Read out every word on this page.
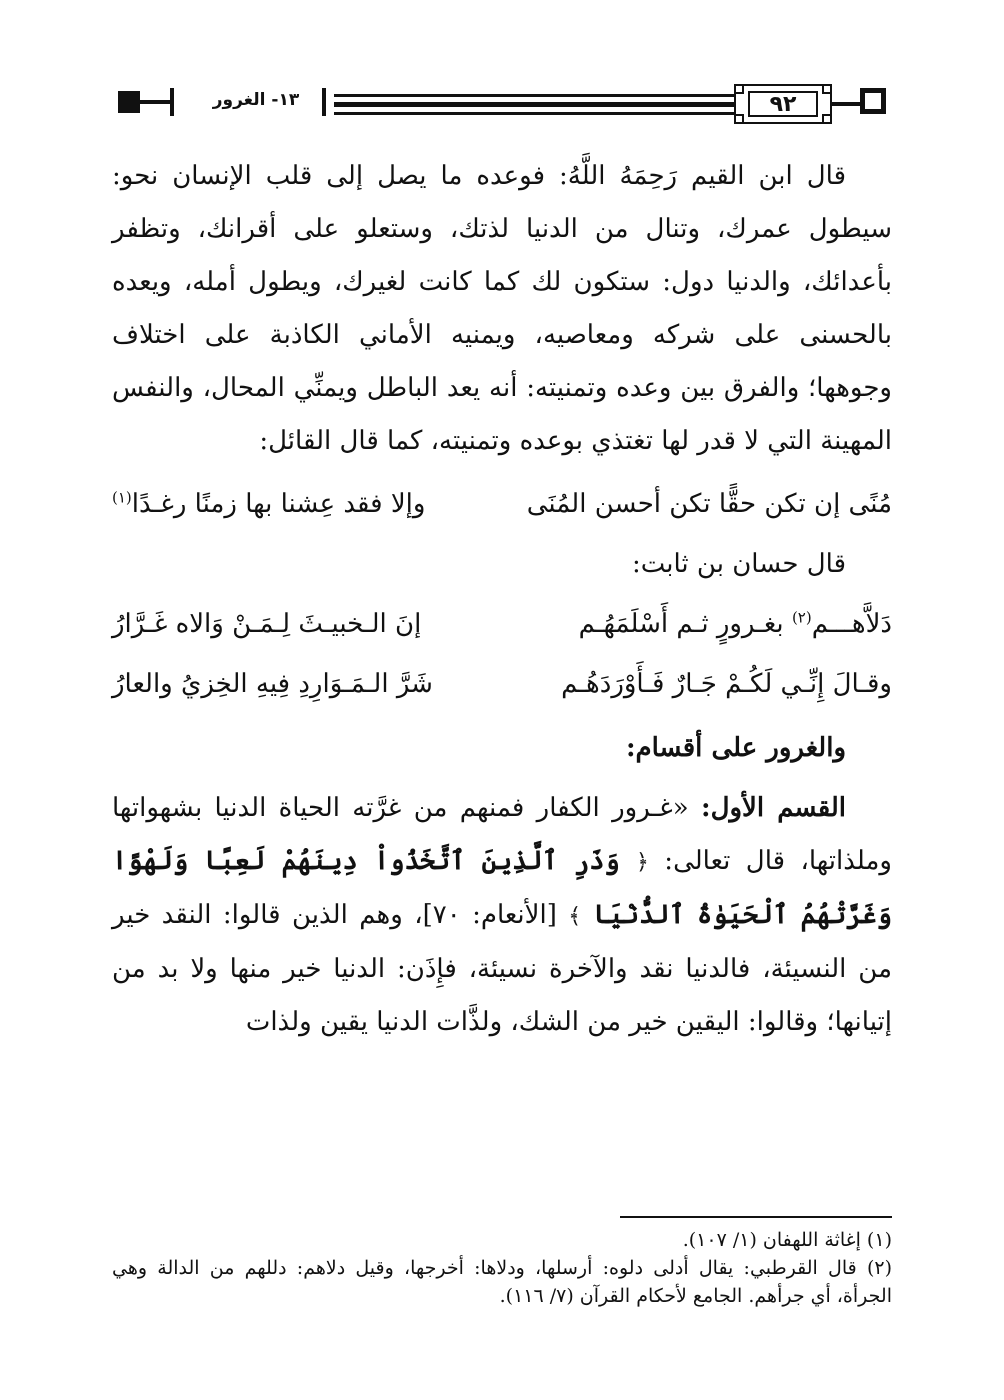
١٣- الغرور	٩٢

قال ابن القيم رَحِمَهُ اللَّهُ: فوعده ما يصل إلى قلب الإنسان نحو: سيطول عمرك، وتنال من الدنيا لذتك، وستعلو على أقرانك، وتظفر بأعدائك، والدنيا دول: ستكون لك كما كانت لغيرك، ويطول أمله، ويعده بالحسنى على شركه ومعاصيه، ويمنيه الأماني الكاذبة على اختلاف وجوهها؛ والفرق بين وعده وتمنيته: أنه يعد الباطل ويمنِّي المحال، والنفس المهينة التي لا قدر لها تغتذي بوعده وتمنيته، كما قال القائل:

مُنًى إن تكن حقًّا تكن أحسن المُنَى
وإلا فقد عِشنا بها زمنًا رغـدًا$^{(١)}$

قال حسان بن ثابت:

دَلاَّهـــم$^{(٢)}$ بغـرورٍ ثـم أَسْلَمَهُـم
إنَ الـخبيـثَ لِـمَـنْ وَالاه غَـرَّارُ
وقـالَ إِنِّـي لَكُـمْ جَـارٌ فَـأَوْرَدَهُـم
شَرَّ الـمَـوَارِدِ فِيهِ الخِزيُ والعارُ

والغرور على أقسام:

القسم الأول: «غـرور الكفار فمنهم من غرَّته الحياة الدنيا بشهواتها وملذاتها، قال تعالى: ﴿ وَذَرِ ٱلَّذِينَ ٱتَّخَذُواْ دِينَهُمْ لَعِبًا وَلَهْوًا وَغَرَّتْهُمُ ٱلْحَيَوٰةُ ٱلدُّنْيَا ﴾ [الأنعام: ٧٠]، وهم الذين قالوا: النقد خير من النسيئة، فالدنيا نقد والآخرة نسيئة، فإِذَن: الدنيا خير منها ولا بد من إتيانها؛ وقالوا: اليقين خير من الشك، ولذَّات الدنيا يقين ولذات

(١) إغاثة اللهفان (١/ ١٠٧).

(٢) قال القرطبي: يقال أدلى دلوه: أرسلها، ودلاها: أخرجها، وقيل دلاهم: دللهم من الدالة وهي الجرأة، أي جرأهم. الجامع لأحكام القرآن (٧/ ١١٦).
